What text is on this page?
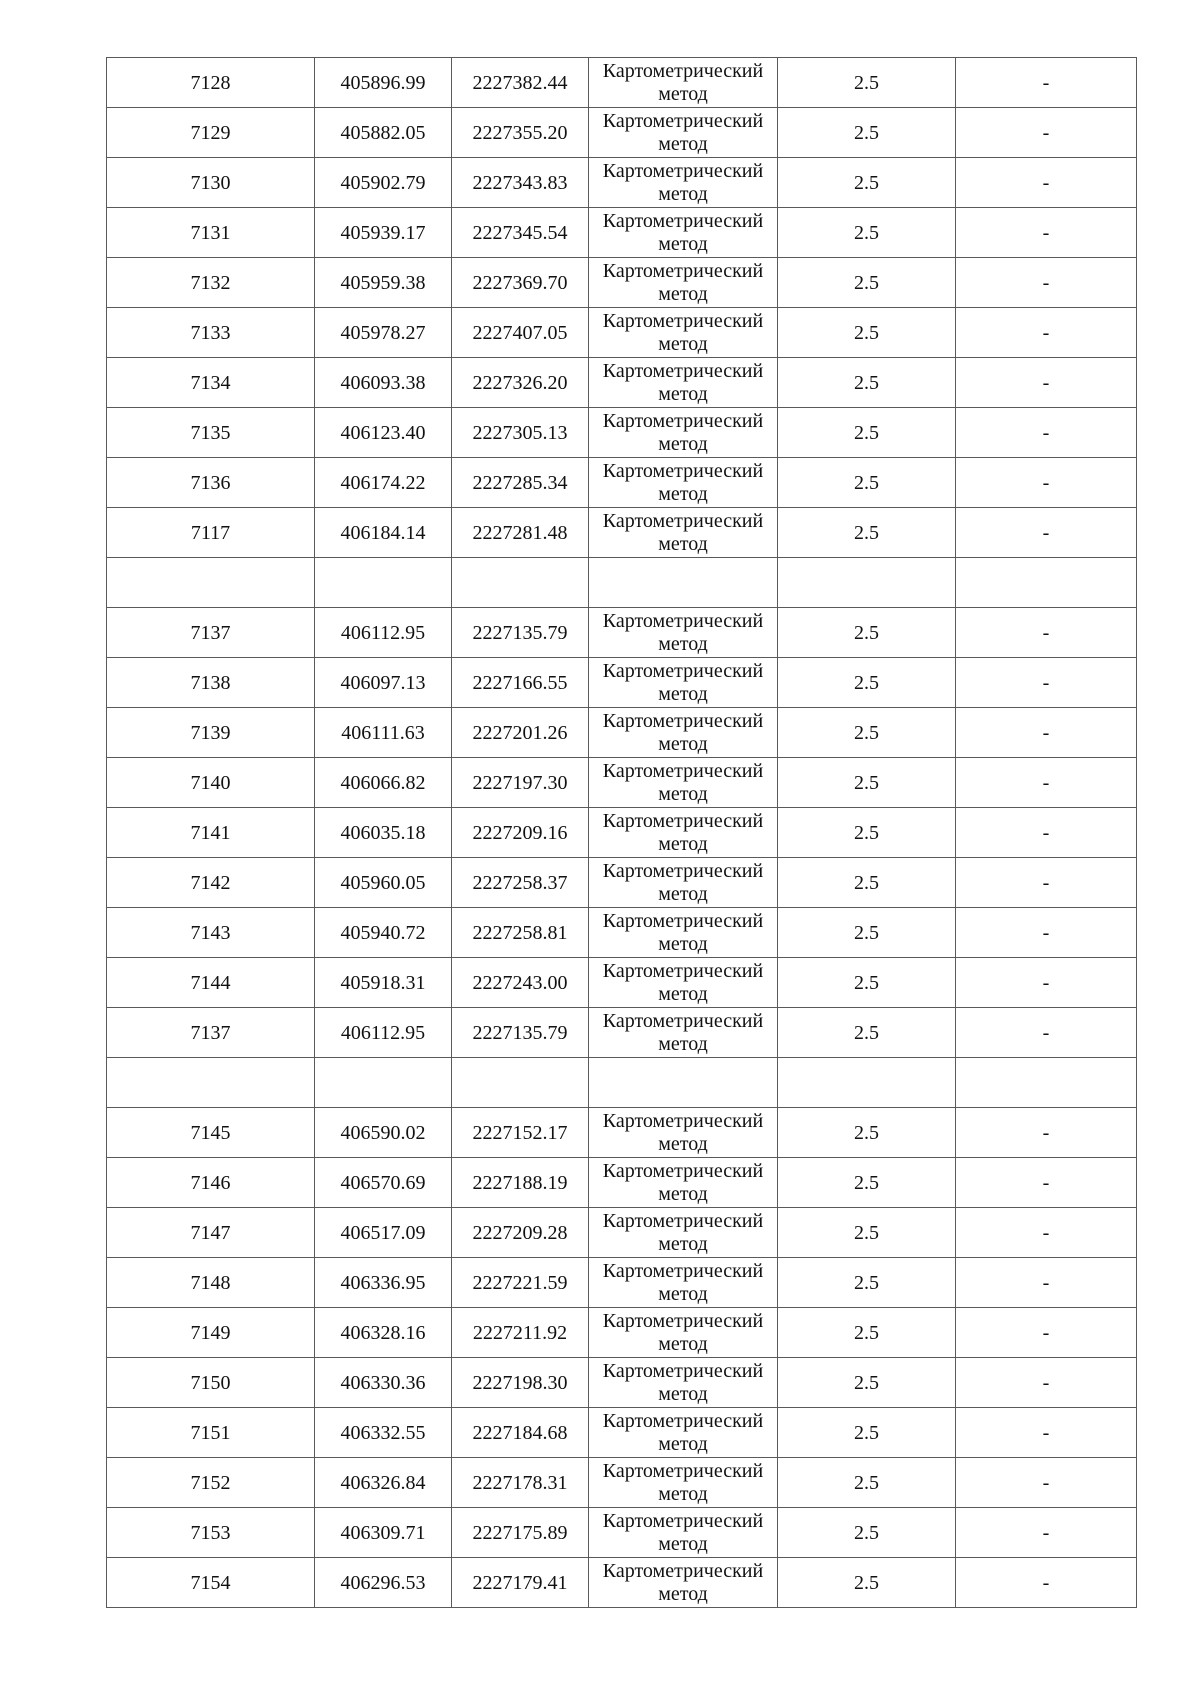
7128	405896.99	2227382.44	Картометрический метод	2.5	-
7129	405882.05	2227355.20	Картометрический метод	2.5	-
7130	405902.79	2227343.83	Картометрический метод	2.5	-
7131	405939.17	2227345.54	Картометрический метод	2.5	-
7132	405959.38	2227369.70	Картометрический метод	2.5	-
7133	405978.27	2227407.05	Картометрический метод	2.5	-
7134	406093.38	2227326.20	Картометрический метод	2.5	-
7135	406123.40	2227305.13	Картометрический метод	2.5	-
7136	406174.22	2227285.34	Картометрический метод	2.5	-
7117	406184.14	2227281.48	Картометрический метод	2.5	-

7137	406112.95	2227135.79	Картометрический метод	2.5	-
7138	406097.13	2227166.55	Картометрический метод	2.5	-
7139	406111.63	2227201.26	Картометрический метод	2.5	-
7140	406066.82	2227197.30	Картометрический метод	2.5	-
7141	406035.18	2227209.16	Картометрический метод	2.5	-
7142	405960.05	2227258.37	Картометрический метод	2.5	-
7143	405940.72	2227258.81	Картометрический метод	2.5	-
7144	405918.31	2227243.00	Картометрический метод	2.5	-
7137	406112.95	2227135.79	Картометрический метод	2.5	-

7145	406590.02	2227152.17	Картометрический метод	2.5	-
7146	406570.69	2227188.19	Картометрический метод	2.5	-
7147	406517.09	2227209.28	Картометрический метод	2.5	-
7148	406336.95	2227221.59	Картометрический метод	2.5	-
7149	406328.16	2227211.92	Картометрический метод	2.5	-
7150	406330.36	2227198.30	Картометрический метод	2.5	-
7151	406332.55	2227184.68	Картометрический метод	2.5	-
7152	406326.84	2227178.31	Картометрический метод	2.5	-
7153	406309.71	2227175.89	Картометрический метод	2.5	-
7154	406296.53	2227179.41	Картометрический метод	2.5	-
